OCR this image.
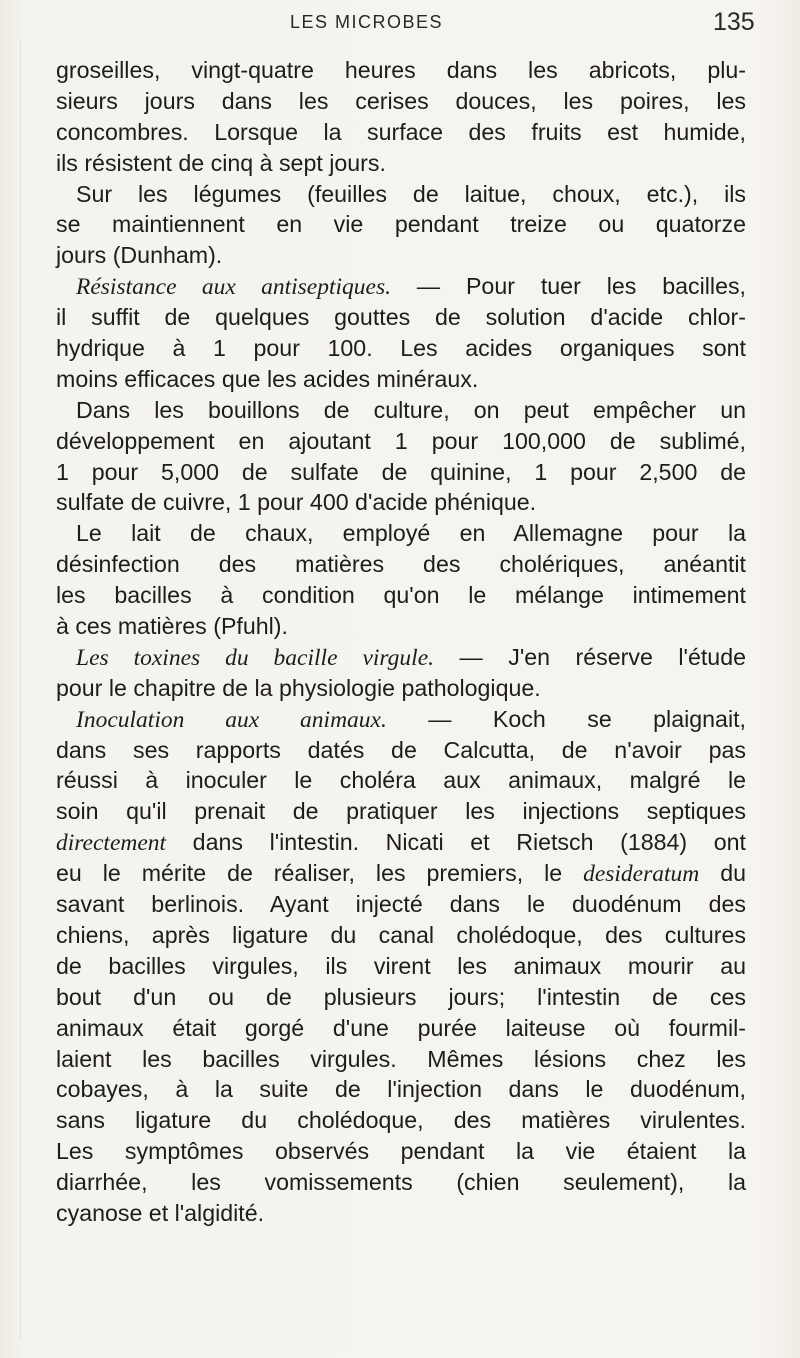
LES MICROBES	135
groseilles, vingt-quatre heures dans les abricots, plu-
sieurs jours dans les cerises douces, les poires, les
concombres. Lorsque la surface des fruits est humide,
ils résistent de cinq à sept jours.
Sur les légumes (feuilles de laitue, choux, etc.), ils
se maintiennent en vie pendant treize ou quatorze
jours (Dunham).
Résistance aux antiseptiques. — Pour tuer les bacilles,
il suffit de quelques gouttes de solution d'acide chlor-
hydrique à 1 pour 100. Les acides organiques sont
moins efficaces que les acides minéraux.
Dans les bouillons de culture, on peut empêcher un
développement en ajoutant 1 pour 100,000 de sublimé,
1 pour 5,000 de sulfate de quinine, 1 pour 2,500 de
sulfate de cuivre, 1 pour 400 d'acide phénique.
Le lait de chaux, employé en Allemagne pour la
désinfection des matières des cholériques, anéantit
les bacilles à condition qu'on le mélange intimement
à ces matières (Pfuhl).
Les toxines du bacille virgule. — J'en réserve l'étude
pour le chapitre de la physiologie pathologique.
Inoculation aux animaux. — Koch se plaignait,
dans ses rapports datés de Calcutta, de n'avoir pas
réussi à inoculer le choléra aux animaux, malgré le
soin qu'il prenait de pratiquer les injections septiques
directement dans l'intestin. Nicati et Rietsch (1884) ont
eu le mérite de réaliser, les premiers, le desideratum du
savant berlinois. Ayant injecté dans le duodénum des
chiens, après ligature du canal cholédoque, des cultures
de bacilles virgules, ils virent les animaux mourir au
bout d'un ou de plusieurs jours; l'intestin de ces
animaux était gorgé d'une purée laiteuse où fourmil-
laient les bacilles virgules. Mêmes lésions chez les
cobayes, à la suite de l'injection dans le duodénum,
sans ligature du cholédoque, des matières virulentes.
Les symptômes observés pendant la vie étaient la
diarrhée, les vomissements (chien seulement), la
cyanose et l'algidité.
